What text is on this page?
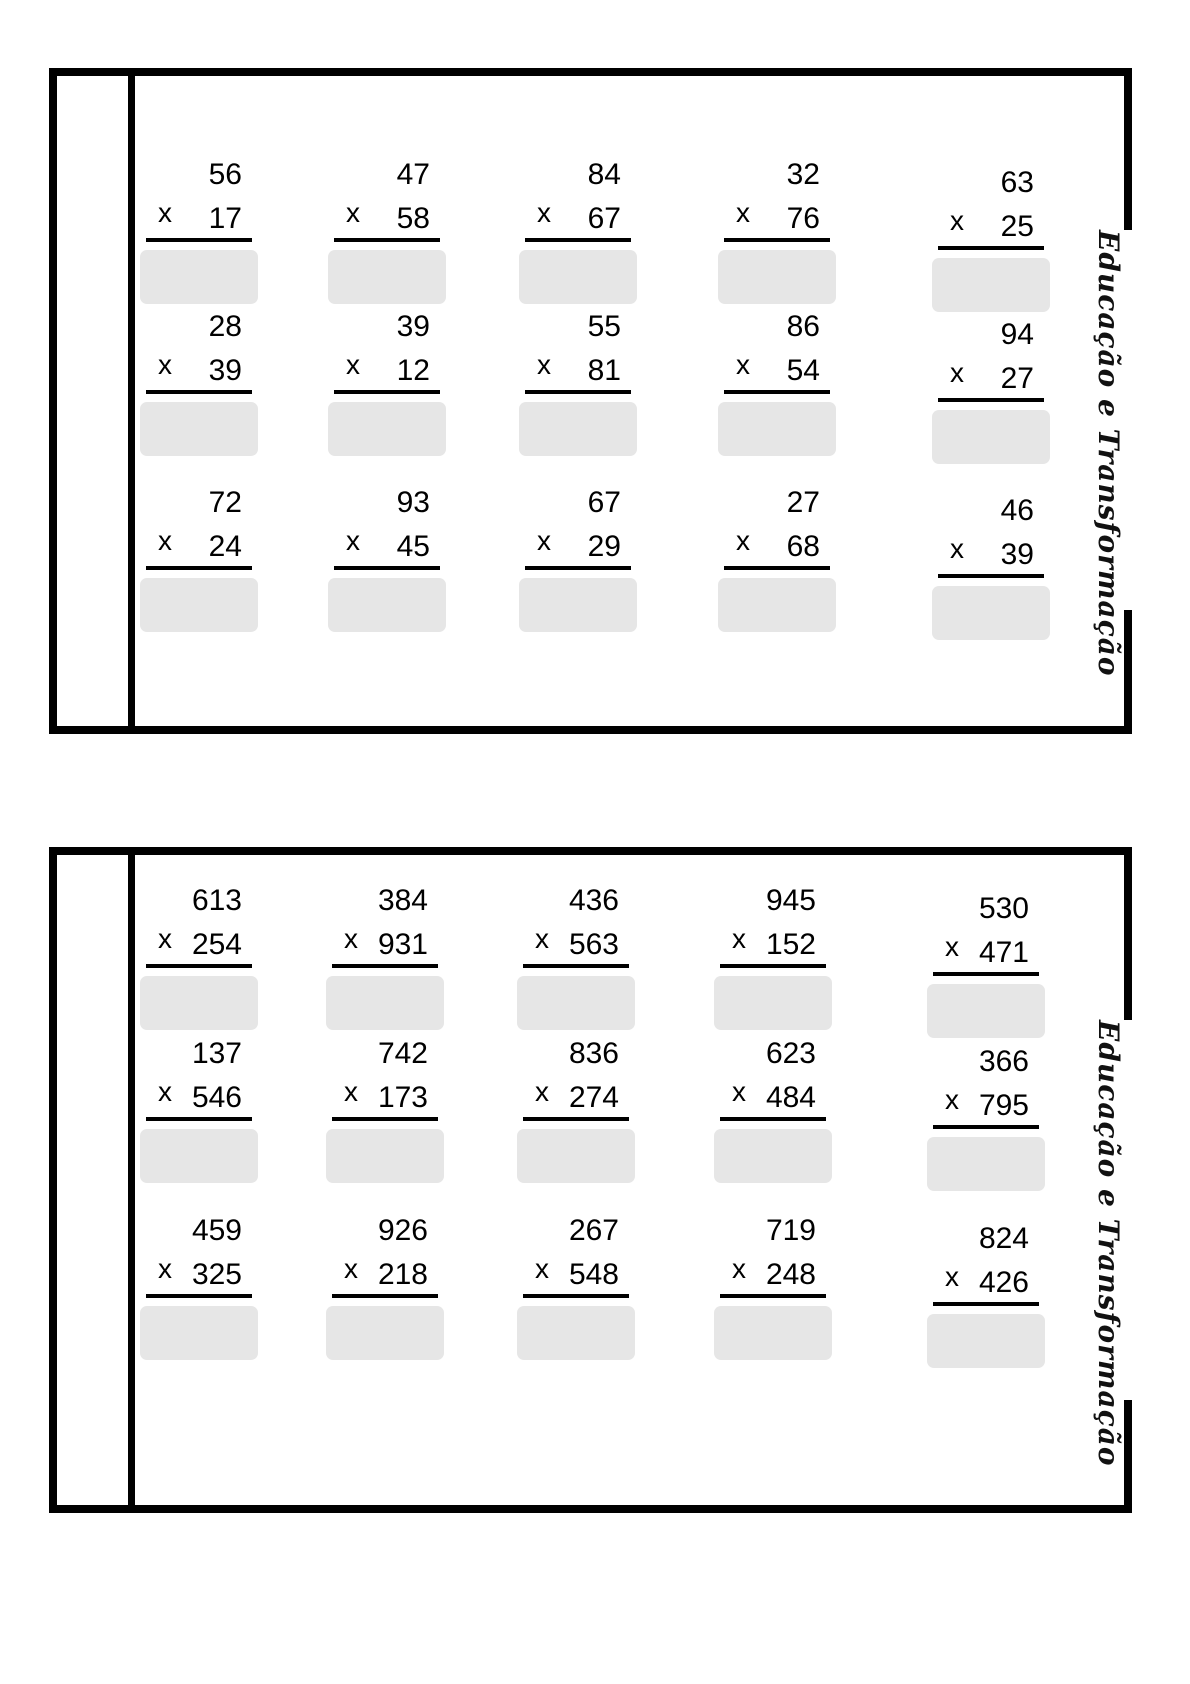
Educação e Transformação
Educação e Transformação
56
x 17
47
x 58
84
x 67
32
x 76
63
x 25
28
x 39
39
x 12
55
x 81
86
x 54
94
x 27
72
x 24
93
x 45
67
x 29
27
x 68
46
x 39
613
x 254
384
x 931
436
x 563
945
x 152
530
x 471
137
x 546
742
x 173
836
x 274
623
x 484
366
x 795
459
x 325
926
x 218
267
x 548
719
x 248
824
x 426
